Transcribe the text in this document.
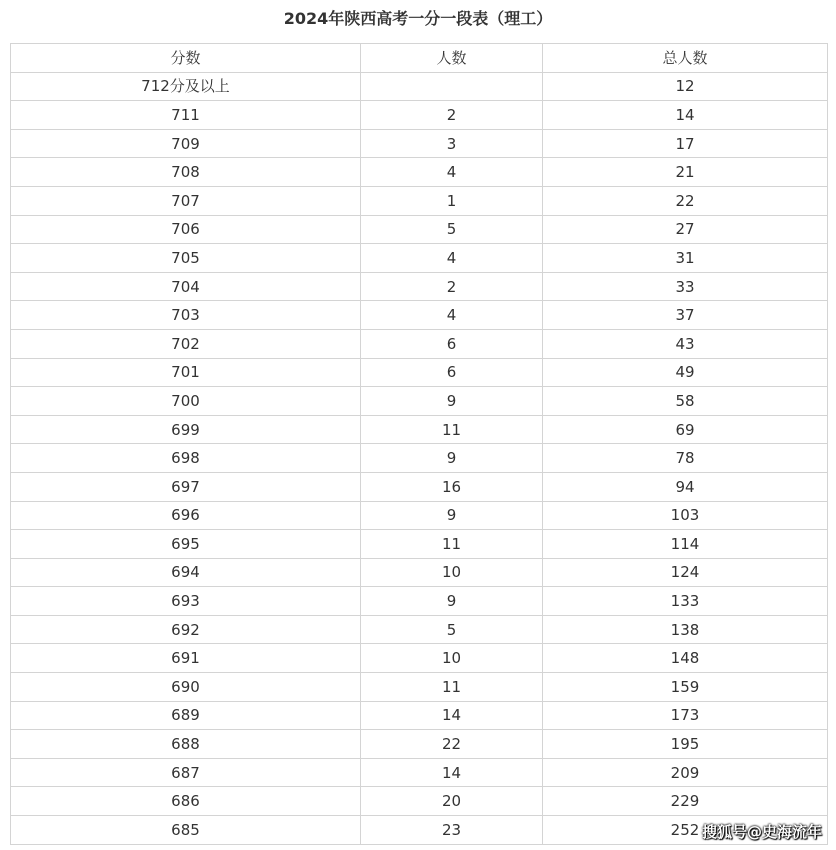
2024年陕西高考一分一段表（理工）
分数	人数	总人数
712分及以上		12
711	2	14
709	3	17
708	4	21
707	1	22
706	5	27
705	4	31
704	2	33
703	4	37
702	6	43
701	6	49
700	9	58
699	11	69
698	9	78
697	16	94
696	9	103
695	11	114
694	10	124
693	9	133
692	5	138
691	10	148
690	11	159
689	14	173
688	22	195
687	14	209
686	20	229
685	23	252 搜狐号@史海流年
